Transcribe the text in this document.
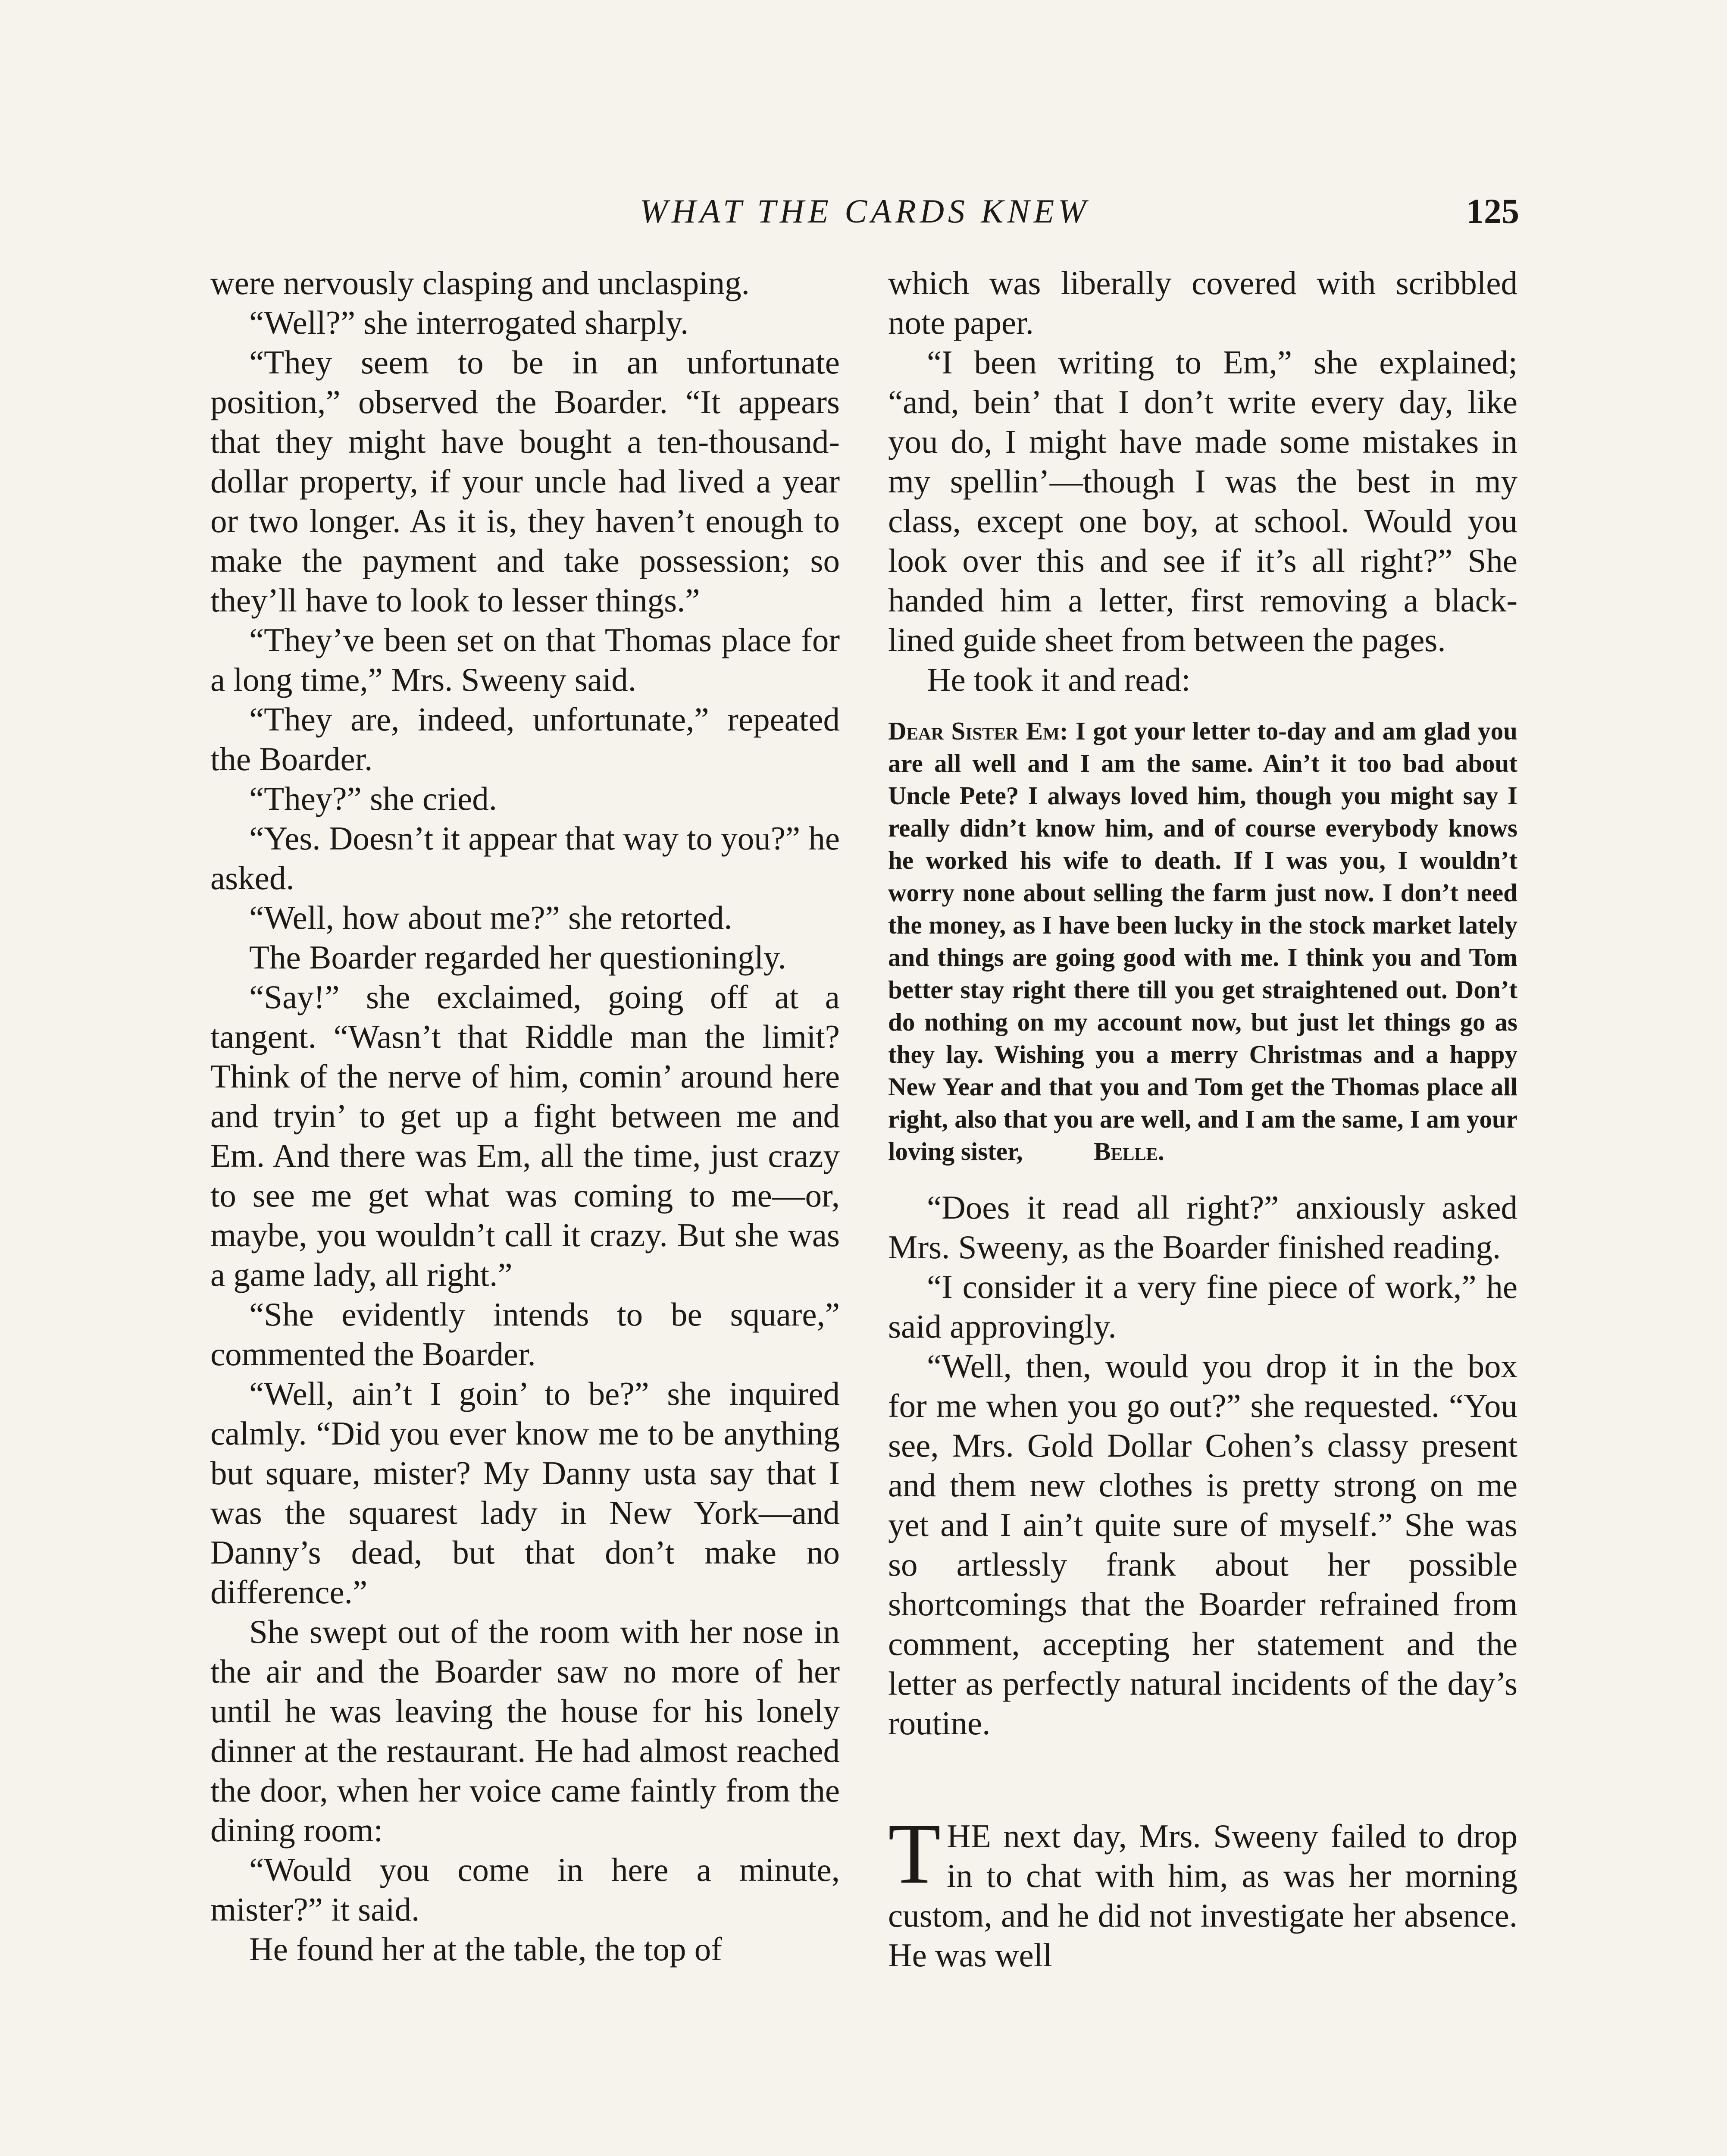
WHAT THE CARDS KNEW	125

were nervously clasping and unclasping.

“Well?” she interrogated sharply.

“They seem to be in an unfortunate position,” observed the Boarder. “It appears that they might have bought a ten-thousand-dollar property, if your uncle had lived a year or two longer. As it is, they haven’t enough to make the payment and take possession; so they’ll have to look to lesser things.”

“They’ve been set on that Thomas place for a long time,” Mrs. Sweeny said.

“They are, indeed, unfortunate,” repeated the Boarder.

“They?” she cried.

“Yes. Doesn’t it appear that way to you?” he asked.

“Well, how about me?” she retorted.

The Boarder regarded her questioningly.

“Say!” she exclaimed, going off at a tangent. “Wasn’t that Riddle man the limit? Think of the nerve of him, comin’ around here and tryin’ to get up a fight between me and Em. And there was Em, all the time, just crazy to see me get what was coming to me—or, maybe, you wouldn’t call it crazy. But she was a game lady, all right.”

“She evidently intends to be square,” commented the Boarder.

“Well, ain’t I goin’ to be?” she inquired calmly. “Did you ever know me to be anything but square, mister? My Danny usta say that I was the squarest lady in New York—and Danny’s dead, but that don’t make no difference.”

She swept out of the room with her nose in the air and the Boarder saw no more of her until he was leaving the house for his lonely dinner at the restaurant. He had almost reached the door, when her voice came faintly from the dining room:

“Would you come in here a minute, mister?” it said.

He found her at the table, the top of

which was liberally covered with scribbled note paper.

“I been writing to Em,” she explained; “and, bein’ that I don’t write every day, like you do, I might have made some mistakes in my spellin’—though I was the best in my class, except one boy, at school. Would you look over this and see if it’s all right?” She handed him a letter, first removing a black-lined guide sheet from between the pages.

He took it and read:

Dear Sister Em: I got your letter to-day and am glad you are all well and I am the same. Ain’t it too bad about Uncle Pete? I always loved him, though you might say I really didn’t know him, and of course everybody knows he worked his wife to death. If I was you, I wouldn’t worry none about selling the farm just now. I don’t need the money, as I have been lucky in the stock market lately and things are going good with me. I think you and Tom better stay right there till you get straightened out. Don’t do nothing on my account now, but just let things go as they lay. Wishing you a merry Christmas and a happy New Year and that you and Tom get the Thomas place all right, also that you are well, and I am the same, I am your loving sister,	Belle.

“Does it read all right?” anxiously asked Mrs. Sweeny, as the Boarder finished reading.

“I consider it a very fine piece of work,” he said approvingly.

“Well, then, would you drop it in the box for me when you go out?” she requested. “You see, Mrs. Gold Dollar Cohen’s classy present and them new clothes is pretty strong on me yet and I ain’t quite sure of myself.” She was so artlessly frank about her possible shortcomings that the Boarder refrained from comment, accepting her statement and the letter as perfectly natural incidents of the day’s routine.

T HE next day, Mrs. Sweeny failed to drop in to chat with him, as was her morning custom, and he did not investigate her absence. He was well
